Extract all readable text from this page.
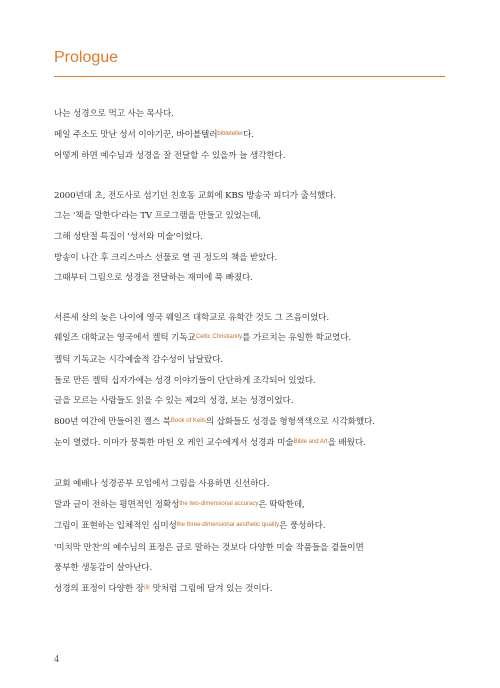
Prologue
나는 성경으로 먹고 사는 목사다.
메일 주소도 맛난 성서 이야기꾼, 바이블텔러$^{bibleteller}$다.
어떻게 하면 예수님과 성경을 잘 전달할 수 있을까 늘 생각한다.
2000년대 초, 전도사로 섬기던 친호동 교회에 KBS 방송국 피디가 출석했다.
그는 '책을 말한다'라는 TV 프로그램을 만들고 있었는데,
그해 성탄절 특집이 '성서와 미술'이었다.
방송이 나간 후 크리스마스 선물로 열 권 정도의 책을 받았다.
그때부터 그림으로 성경을 전달하는 재미에 푹 빠졌다.
서른세 살의 늦은 나이에 영국 웨일즈 대학교로 유학간 것도 그 즈음이었다.
웨일즈 대학교는 영국에서 켈틱 기독교$^{Celtic Christianity}$를 가르치는 유일한 학교였다.
켈틱 기독교는 시각예술적 감수성이 남달랐다.
돌로 만든 켈틱 십자가에는 성경 이야기들이 단단하게 조각되어 있었다.
글을 모르는 사람들도 읽을 수 있는 제2의 성경, 보는 성경이었다.
800년 여간에 만들어진 켈스 북$^{Book of Kells}$의 삽화들도 성경을 형형색색으로 시각화했다.
눈이 열렸다. 이마가 뭉툭한 마틴 오 케인 교수에게서 성경과 미술$^{Bible and Art}$을 배웠다.
교회 예배나 성경공부 모임에서 그림을 사용하면 신선하다.
말과 글이 전하는 평면적인 정확성$^{the two-dimensional accuracy}$은 딱딱한데,
그림이 표현하는 입체적인 심미성$^{the three-dimensional aesthetic quality}$은 풍성하다.
'미치막 만찬'의 예수님의 표정은 글로 말하는 것보다 다양한 미술 작품들을 곁들이면
풍부한 생동감이 살아난다.
성경의 표정이 다양한 장$^面$ 맛처럼 그림에 담겨 있는 것이다.
4
